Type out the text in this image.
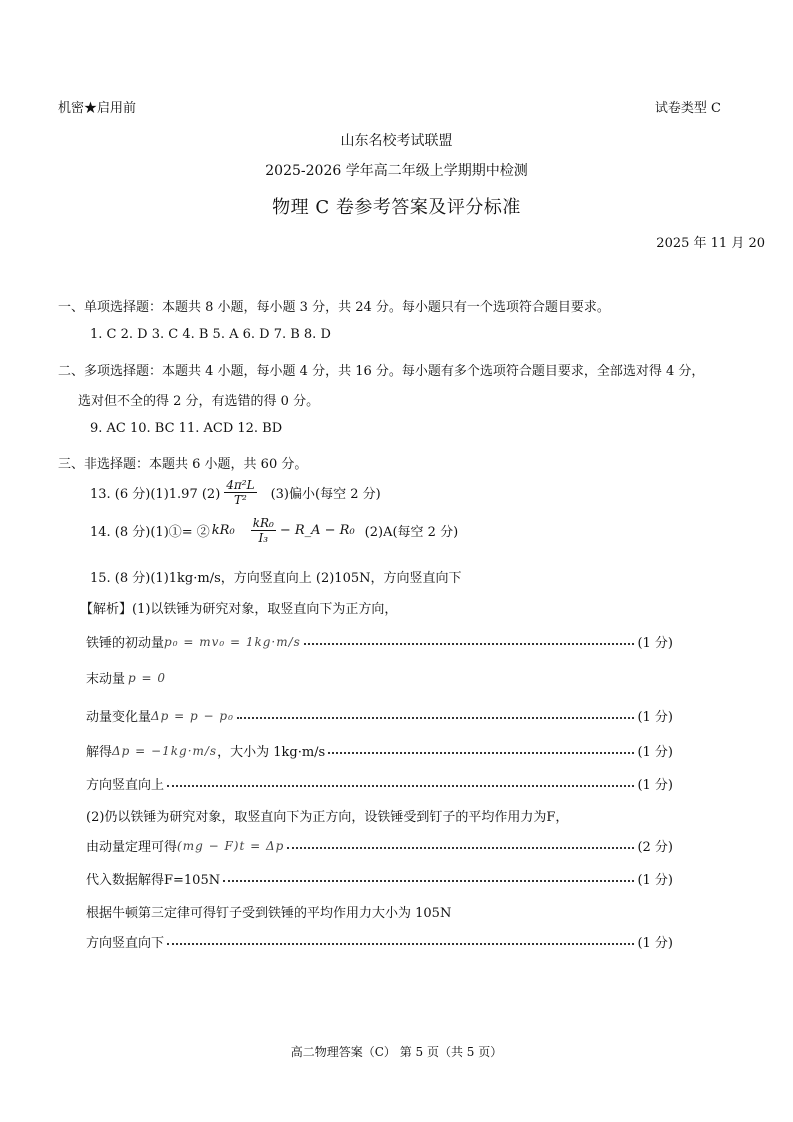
机密★启用前	试卷类型 C
山东名校考试联盟
2025-2026 学年高二年级上学期期中检测
物理 C 卷参考答案及评分标准
2025 年 11 月 20
一、单项选择题：本题共 8 小题，每小题 3 分，共 24 分。每小题只有一个选项符合题目要求。
1. C 2. D 3. C 4. B 5. A 6. D 7. B 8. D
二、多项选择题：本题共 4 小题，每小题 4 分，共 16 分。每小题有多个选项符合题目要求，全部选对得 4 分，
选对但不全的得 2 分，有选错的得 0 分。
9. AC 10. BC 11. ACD 12. BD
三、非选择题：本题共 6 小题，共 60 分。
13. (6 分)(1)1.97 $(2) \frac{\text{4π²L}}{\text{T²}} (3)$偏小(每空 2 分)
14. (8 分)(1)①= ② $kR_0 \frac{\text{kR₀}}{\text{I₃}}$ − R_A − R₀ (2)A(每空 2 分)
15. (8 分)(1)1kg·m/s，方向竖直向上 (2)105N，方向竖直向下
【解析】(1)以铁锤为研究对象，取竖直向下为正方向，
铁锤的初动量 p₀ = mv₀ = 1kg·m/s	(1 分)
末动量 p = 0
动量变化量 Δp = p − p₀	(1 分)
解得 Δp = −1kg·m/s ，大小为 1kg·m/s	(1 分)
方向竖直向上	(1 分)
(2)仍以铁锤为研究对象，取竖直向下为正方向，设铁锤受到钉子的平均作用力为F，
由动量定理可得 (mg − F)t = Δp	(2 分)
代入数据解得F=105N	(1 分)
根据牛顿第三定律可得钉子受到铁锤的平均作用力大小为 105N
方向竖直向下	(1 分)
高二物理答案（C） 第 5 页（共 5 页）
